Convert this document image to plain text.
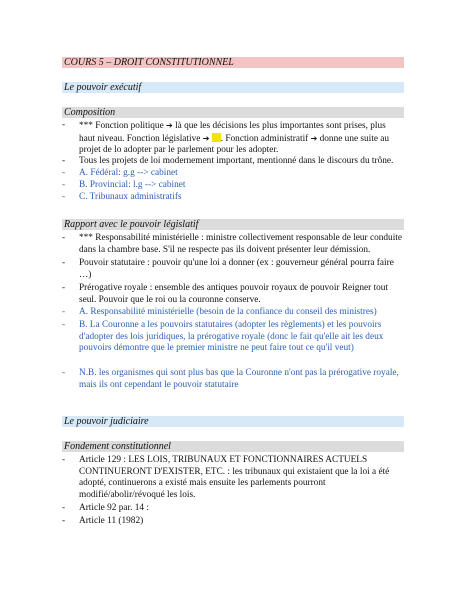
COURS 5 – DROIT CONSTITUTIONNEL
Le pouvoir exécutif
Composition
-	*** Fonction politique ➔ là que les décisions les plus importantes sont prises, plus
haut niveau. Fonction législative ➔ . Fonction administratif ➔ donne une suite au
projet de lo adopter par le parlement pour les adopter.
-	Tous les projets de loi modernement important, mentionné dans le discours du trône.
-	A. Fédéral: g.g --> cabinet
-	B. Provincial: l.g --> cabinet
-	C. Tribunaux administratifs
Rapport avec le pouvoir législatif
-	*** Responsabilité ministérielle : ministre collectivement responsable de leur conduite
dans la chambre base. S'il ne respecte pas ils doivent présenter leur démission.
-	Pouvoir statutaire : pouvoir qu'une loi a donner (ex : gouverneur général pourra faire
…)
-	Prérogative royale : ensemble des antiques pouvoir royaux de pouvoir Reigner tout
seul. Pouvoir que le roi ou la couronne conserve.
-	A. Responsabilité ministérielle (besoin de la confiance du conseil des ministres)
-	B. La Couronne a les pouvoirs statutaires (adopter les règlements) et les pouvoirs
d'adopter des lois juridiques, la prérogative royale (donc le fait qu'elle ait les deux
pouvoirs démontre que le premier ministre ne peut faire tout ce qu'il veut)
-	N.B. les organismes qui sont plus bas que la Couronne n'ont pas la prérogative royale,
mais ils ont cependant le pouvoir statutaire
Le pouvoir judiciaire
Fondement constitutionnel
-	Article 129 : LES LOIS, TRIBUNAUX ET FONCTIONNAIRES ACTUELS
CONTINUERONT D'EXISTER, ETC. : les tribunaux qui existaient que la loi a été
adopté, continuerons a existé mais ensuite les parlements pourront
modifié/abolir/révoqué les lois.
-	Article 92 par. 14 :
-	Article 11 (1982)
